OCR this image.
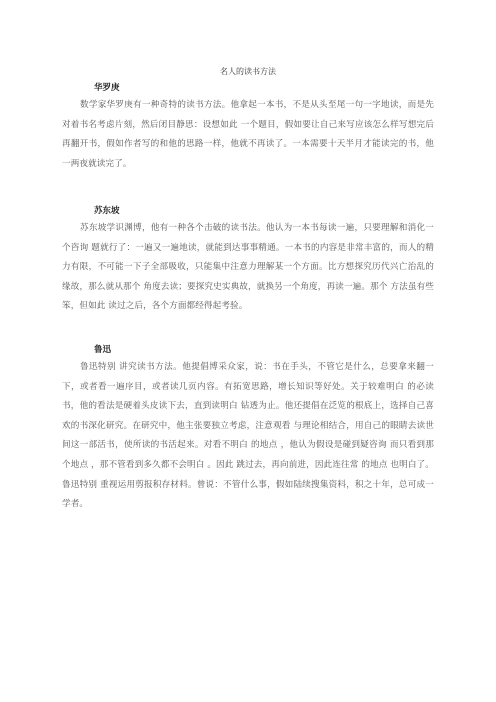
名人的读书方法
华罗庚

数学家华罗庚有一种奇特的读书方法。他拿起一本书，不是从头至尾一句一字地读，而是先对着书名考虑片刻，然后闭目静思：设想如此 一个题目，假如要让自己来写应该怎么样写想完后再翻开书，假如作者写的和他的思路一样，他就不再读了。一本需要十天半月才能读完的书，他一两夜就读完了。

苏东坡

苏东坡学识渊博，他有一种各个击破的读书法。他认为一本书每读一遍，只要理解和消化一个咨询 题就行了：一遍又一遍地读，就能到达事事精通。一本书的内容是非常丰富的，而人的精力有限，不可能一下子全部吸收，只能集中注意力理解某一个方面。比方想探究历代兴亡治乱的缘故，那么就从那个 角度去读；要探究史实典故，就换另一个角度，再读一遍。那个 方法虽有些笨，但如此 读过之后，各个方面都经得起考验。

鲁迅

鲁迅特别 讲究读书方法。他提倡博采众家，说：书在手头，不管它是什么，总要拿来翻一下，或者看一遍序目，或者读几页内容。有拓宽思路，增长知识等好处。关于较难明白 的必读书，他的看法是硬着头皮读下去，直到读明白 钻透为止。他还提倡在泛览的根底上，选择自己喜欢的书深化研究。在研究中，他主张要独立考虑，注意观看 与理论相结合，用自己的眼睛去读世间这一部活书，使所读的书活起来。对看不明白 的地点 ，他认为假设是碰到疑咨询 而只看到那个地点 ，那不管看到多久都不会明白 。因此 跳过去，再向前进，因此连往常 的地点 也明白了。鲁迅特别 重视运用剪报积存材料。曾说：不管什么事，假如陆续搜集资料，积之十年，总可成一学者。
